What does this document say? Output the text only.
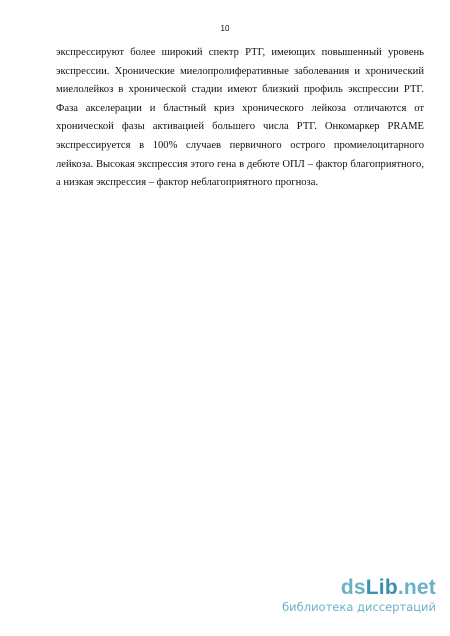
10
экспрессируют более широкий спектр РТГ, имеющих повышенный уровень
экспрессии. Хронические миелопролиферативные заболевания и хронический
миелолейкоз в хронической стадии имеют близкий профиль экспрессии РТГ.
Фаза акселерации и бластный криз хронического лейкоза отличаются от
хронической фазы активацией большего числа РТГ. Онкомаркер PRAME
экспрессируется в 100% случаев первичного острого промиелоцитарного
лейкоза. Высокая экспрессия этого гена в дебюте ОПЛ – фактор благоприятного,
а низкая экспрессия – фактор неблагоприятного прогноза.
dsLib.net
библиотека диссертаций
